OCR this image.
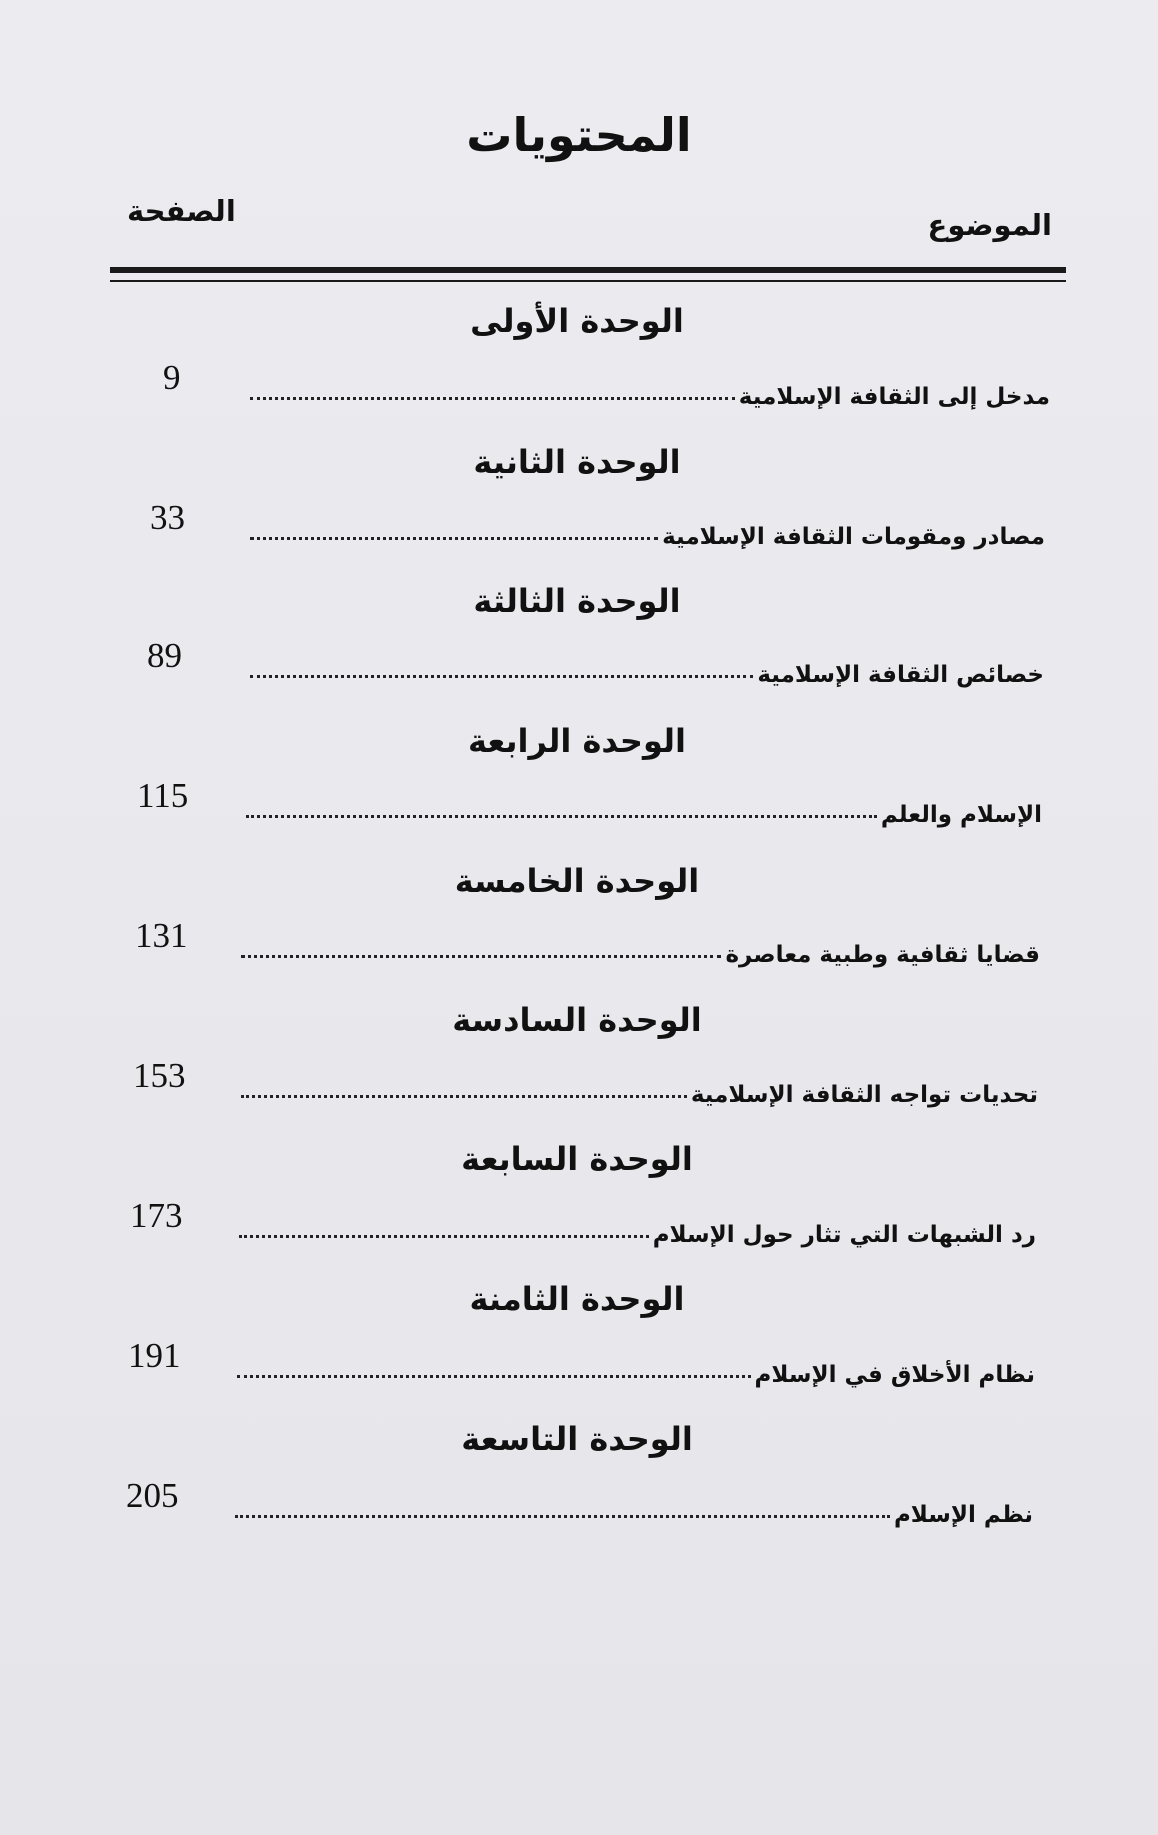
المحتويات
الموضوع
الصفحة
الوحدة الأولى
مدخل إلى الثقافة الإسلامية
9
الوحدة الثانية
مصادر ومقومات الثقافة الإسلامية
33
الوحدة الثالثة
خصائص الثقافة الإسلامية
89
الوحدة الرابعة
الإسلام والعلم
115
الوحدة الخامسة
قضايا ثقافية وطبية معاصرة
131
الوحدة السادسة
تحديات تواجه الثقافة الإسلامية
153
الوحدة السابعة
رد الشبهات التي تثار حول الإسلام
173
الوحدة الثامنة
نظام الأخلاق في الإسلام
191
الوحدة التاسعة
نظم الإسلام
205
